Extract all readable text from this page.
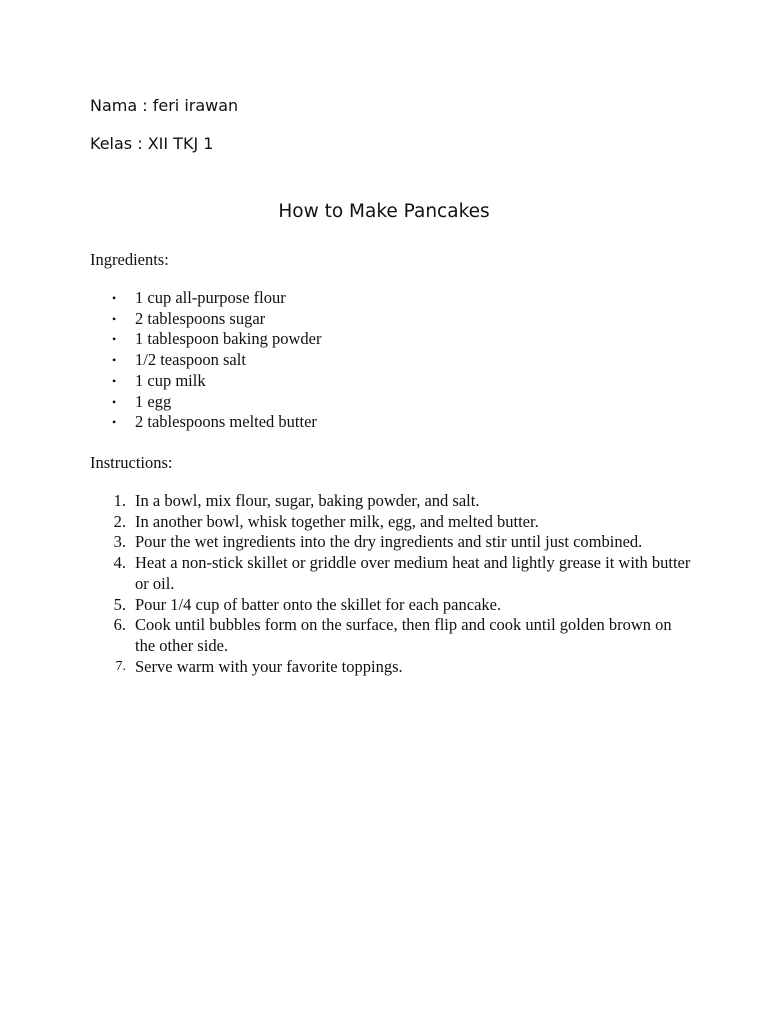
Nama : feri irawan
Kelas : XII TKJ 1
How to Make Pancakes
Ingredients:
• 1 cup all-purpose flour
• 2 tablespoons sugar
• 1 tablespoon baking powder
• 1/2 teaspoon salt
• 1 cup milk
• 1 egg
• 2 tablespoons melted butter
Instructions:
1. In a bowl, mix flour, sugar, baking powder, and salt.
2. In another bowl, whisk together milk, egg, and melted butter.
3. Pour the wet ingredients into the dry ingredients and stir until just combined.
4. Heat a non-stick skillet or griddle over medium heat and lightly grease it with butter or oil.
5. Pour 1/4 cup of batter onto the skillet for each pancake.
6. Cook until bubbles form on the surface, then flip and cook until golden brown on the other side.
7. Serve warm with your favorite toppings.
